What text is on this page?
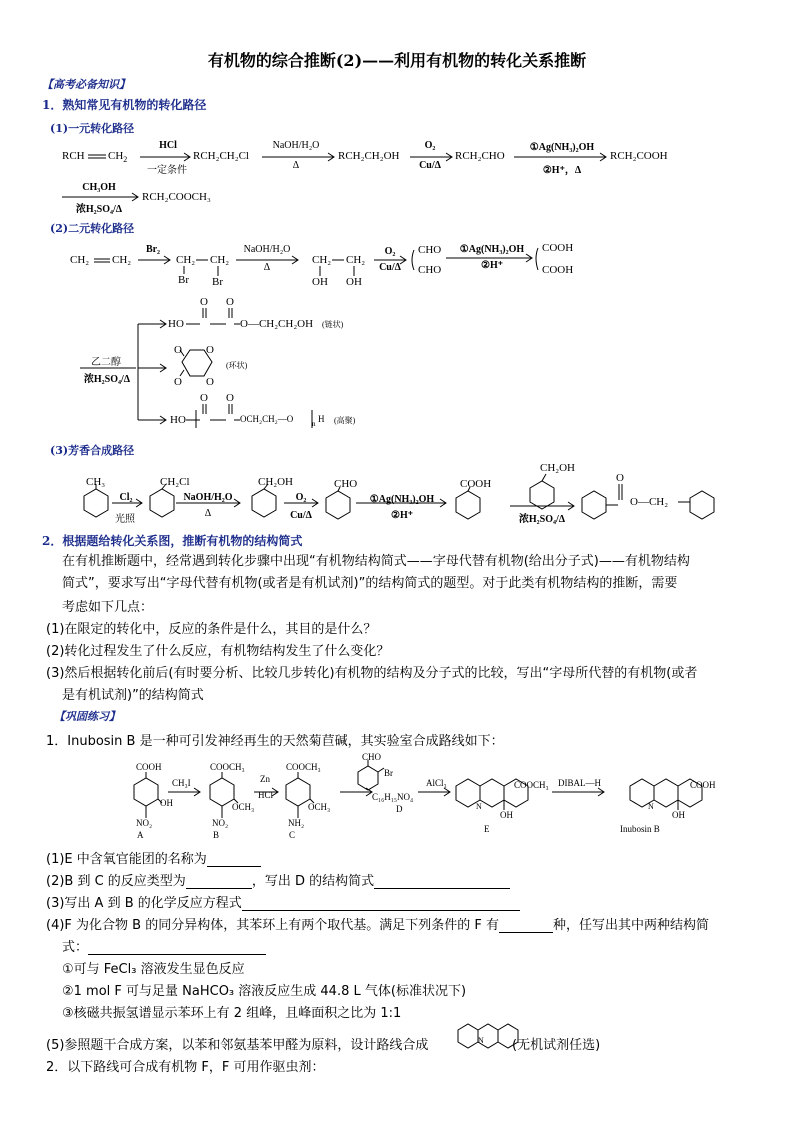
有机物的综合推断(2)——利用有机物的转化关系推断
【高考必备知识】
1．熟知常见有机物的转化路径
(1)一元转化路径
RCH $CH_2$
HCl
一定条件
RCH₂CH₂Cl
NaOH/H₂O
Δ
RCH₂CH₂OH
O₂
Cu/Δ
RCH₂CHO
①Ag(NH₃)₂OH
②H⁺，Δ
RCH₂COOH
CH₃OH
浓H₂SO₄/Δ
RCH₂COOCH₃
(2)二元转化路径
CH₂ CH₂
Br₂
CH₂ CH₂
Br Br
NaOH/H₂O
Δ
CH₂ CH₂
OH OH
O₂
Cu/Δ
CHO
CHO
①Ag(NH₃)₂OH
②H⁺
COOH
COOH
乙二醇
浓H₂SO₄/Δ
HO
O O
O—CH₂CH₂OH (链状)
O
O
O
O
(环状)
HO
O O
OCH₂CH₂—O	n H (高聚)
(3)芳香合成路径
CH₃
Cl₂
光照
CH₂Cl
NaOH/H₂O
Δ
CH₂OH
O₂
Cu/Δ
CHO
①Ag(NH₃)₂OH
②H⁺
COOH
CH₂OH
浓H₂SO₄/Δ
O
O—CH₂
2．根据题给转化关系图，推断有机物的结构简式
在有机推断题中，经常遇到转化步骤中出现“有机物结构简式——字母代替有机物(给出分子式)——有机物结构
简式”，要求写出“字母代替有机物(或者是有机试剂)”的结构简式的题型。对于此类有机物结构的推断，需要
考虑如下几点：
(1)在限定的转化中，反应的条件是什么，其目的是什么？
(2)转化过程发生了什么反应，有机物结构发生了什么变化？
(3)然后根据转化前后(有时要分析、比较几步转化)有机物的结构及分子式的比较，写出“字母所代替的有机物(或者
是有机试剂)”的结构简式
【巩固练习】
1．Inubosin B 是一种可引发神经再生的天然菊苣碱，其实验室合成路线如下：
COOH
OH
NO₂
A
CH₃I
COOCH₃
OCH₃
NO₂
B
Zn
HCl
COOCH₃
OCH₃
NH₂
C
CHO
Br
C₁₆H₁₅NO₄
D
AlCl₃	COOCH₃
OH
N
E
DIBAL—H	COOH
OH
N
Inubosin B
(1)E 中含氧官能团的名称为
(2)B 到 C 的反应类型为	，写出 D 的结构简式
(3)写出 A 到 B 的化学反应方程式
(4)F 为化合物 B 的同分异构体，其苯环上有两个取代基。满足下列条件的 F 有	种，任写出其中两种结构简
式：
①可与 FeCl₃ 溶液发生显色反应
②1 mol F 可与足量 NaHCO₃ 溶液反应生成 44.8 L 气体(标准状况下)
③核磁共振氢谱显示苯环上有 2 组峰，且峰面积之比为 1:1
(5)参照题干合成方案，以苯和邻氨基苯甲醛为原料，设计路线合成	N (无机试剂任选)
2．以下路线可合成有机物 F，F 可用作驱虫剂：
